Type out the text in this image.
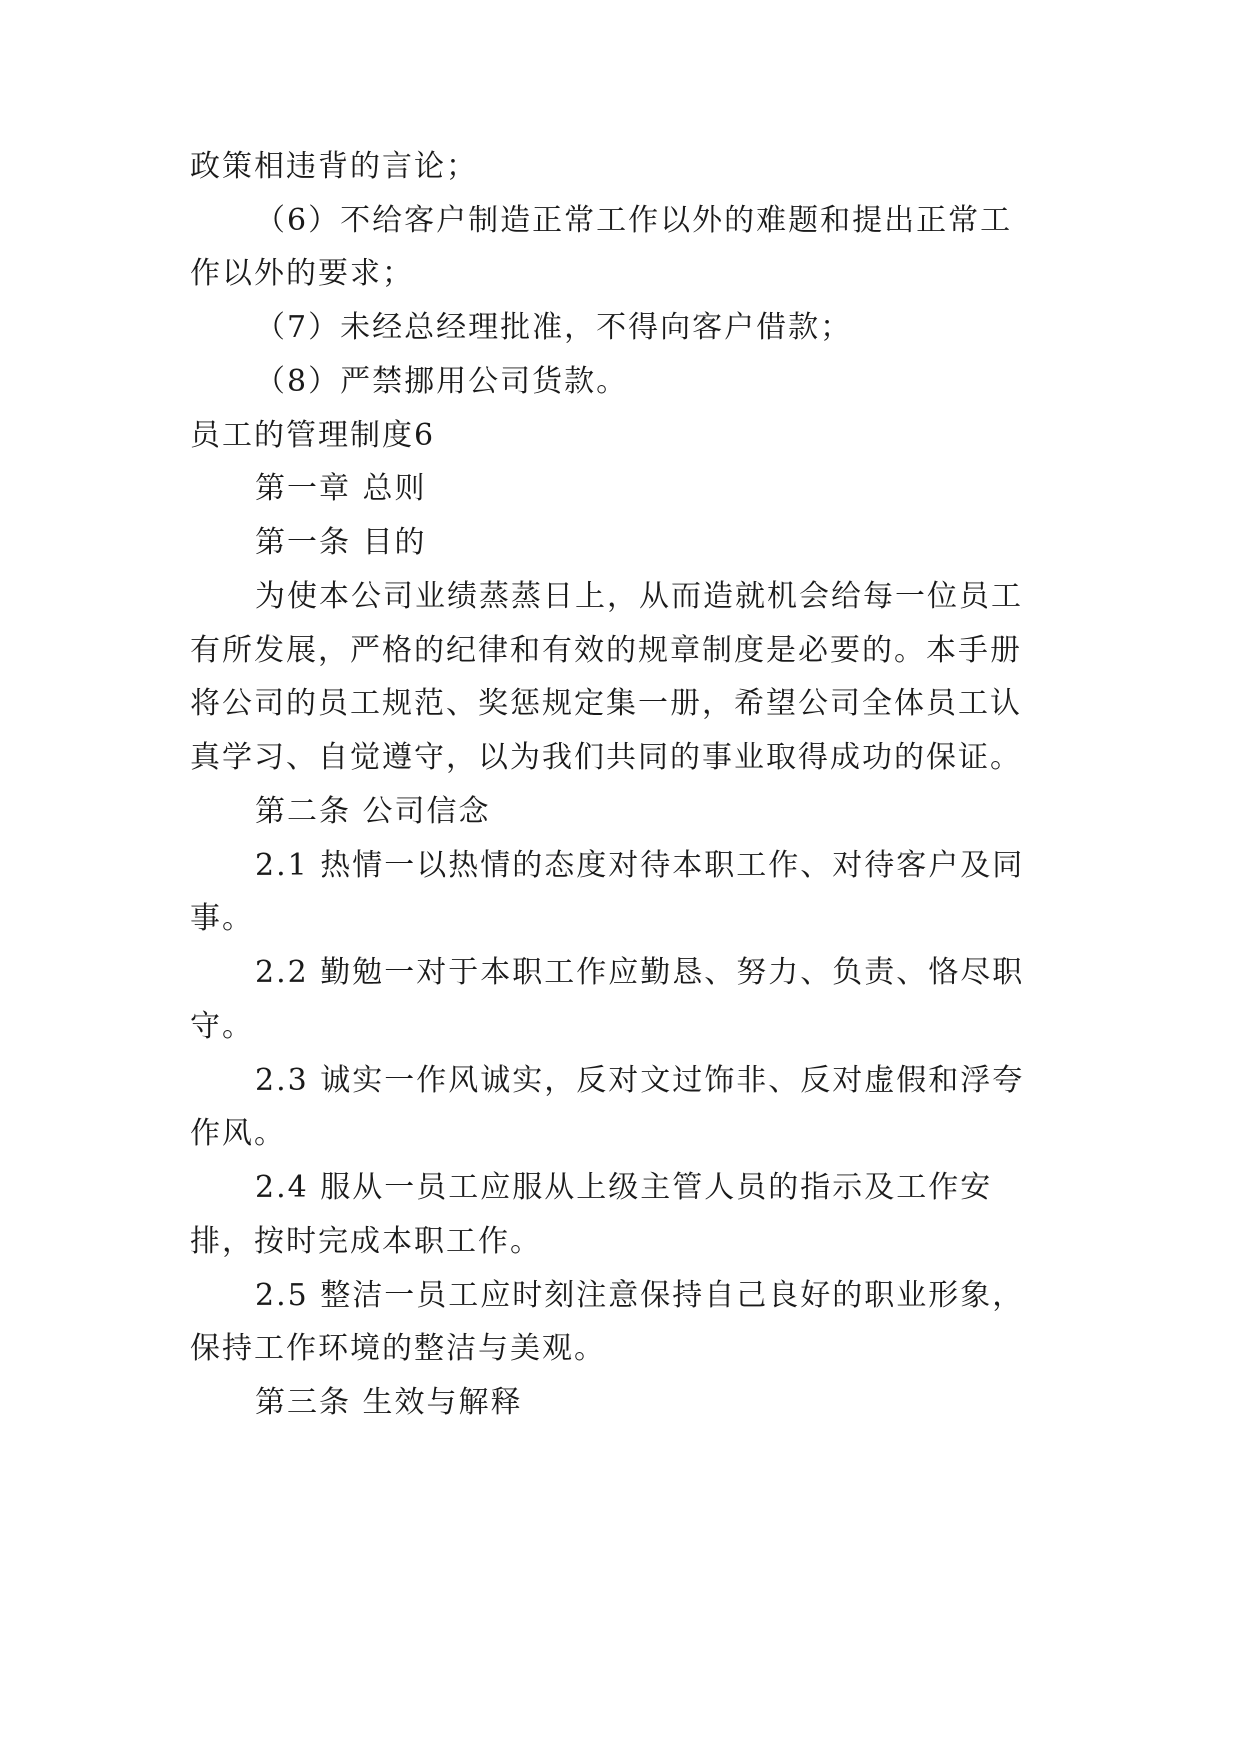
政策相违背的言论；
（6）不给客户制造正常工作以外的难题和提出正常工
作以外的要求；
（7）未经总经理批准，不得向客户借款；
（8）严禁挪用公司货款。
员工的管理制度6
第一章 总则
第一条 目的
为使本公司业绩蒸蒸日上，从而造就机会给每一位员工
有所发展，严格的纪律和有效的规章制度是必要的。本手册
将公司的员工规范、奖惩规定集一册，希望公司全体员工认
真学习、自觉遵守，以为我们共同的事业取得成功的保证。
第二条 公司信念
2.1 热情一以热情的态度对待本职工作、对待客户及同
事。
2.2 勤勉一对于本职工作应勤恳、努力、负责、恪尽职
守。
2.3 诚实一作风诚实，反对文过饰非、反对虚假和浮夸
作风。
2.4 服从一员工应服从上级主管人员的指示及工作安
排，按时完成本职工作。
2.5 整洁一员工应时刻注意保持自己良好的职业形象，
保持工作环境的整洁与美观。
第三条 生效与解释
